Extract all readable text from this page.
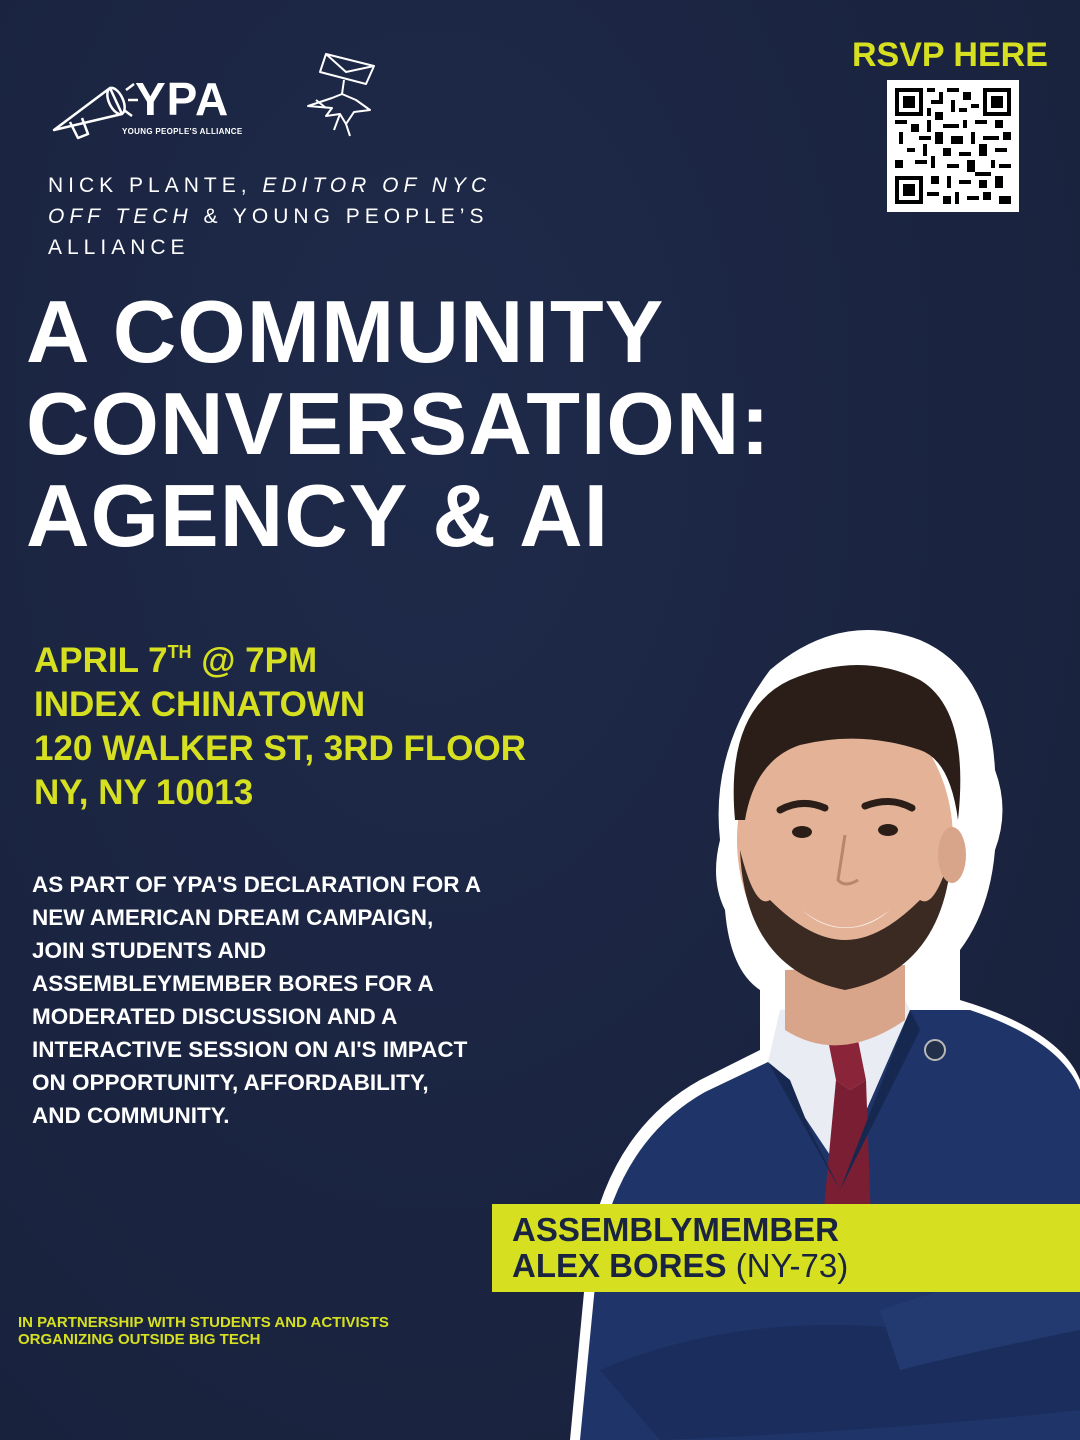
YPA
YOUNG PEOPLE'S ALLIANCE
NICK PLANTE, EDITOR OF NYC OFF TECH & YOUNG PEOPLE’S ALLIANCE
RSVP HERE
A COMMUNITY
CONVERSATION:
AGENCY & AI
APRIL 7TH @ 7PM
INDEX CHINATOWN
120 WALKER ST, 3RD FLOOR
NY, NY 10013
AS PART OF YPA'S DECLARATION FOR A
NEW AMERICAN DREAM CAMPAIGN,
JOIN STUDENTS AND
ASSEMBLEYMEMBER BORES FOR A
MODERATED DISCUSSION AND A
INTERACTIVE SESSION ON AI'S IMPACT
ON OPPORTUNITY, AFFORDABILITY,
AND COMMUNITY.
ASSEMBLYMEMBER
ALEX BORES (NY-73)
IN PARTNERSHIP WITH STUDENTS AND ACTIVISTS
ORGANIZING OUTSIDE BIG TECH
